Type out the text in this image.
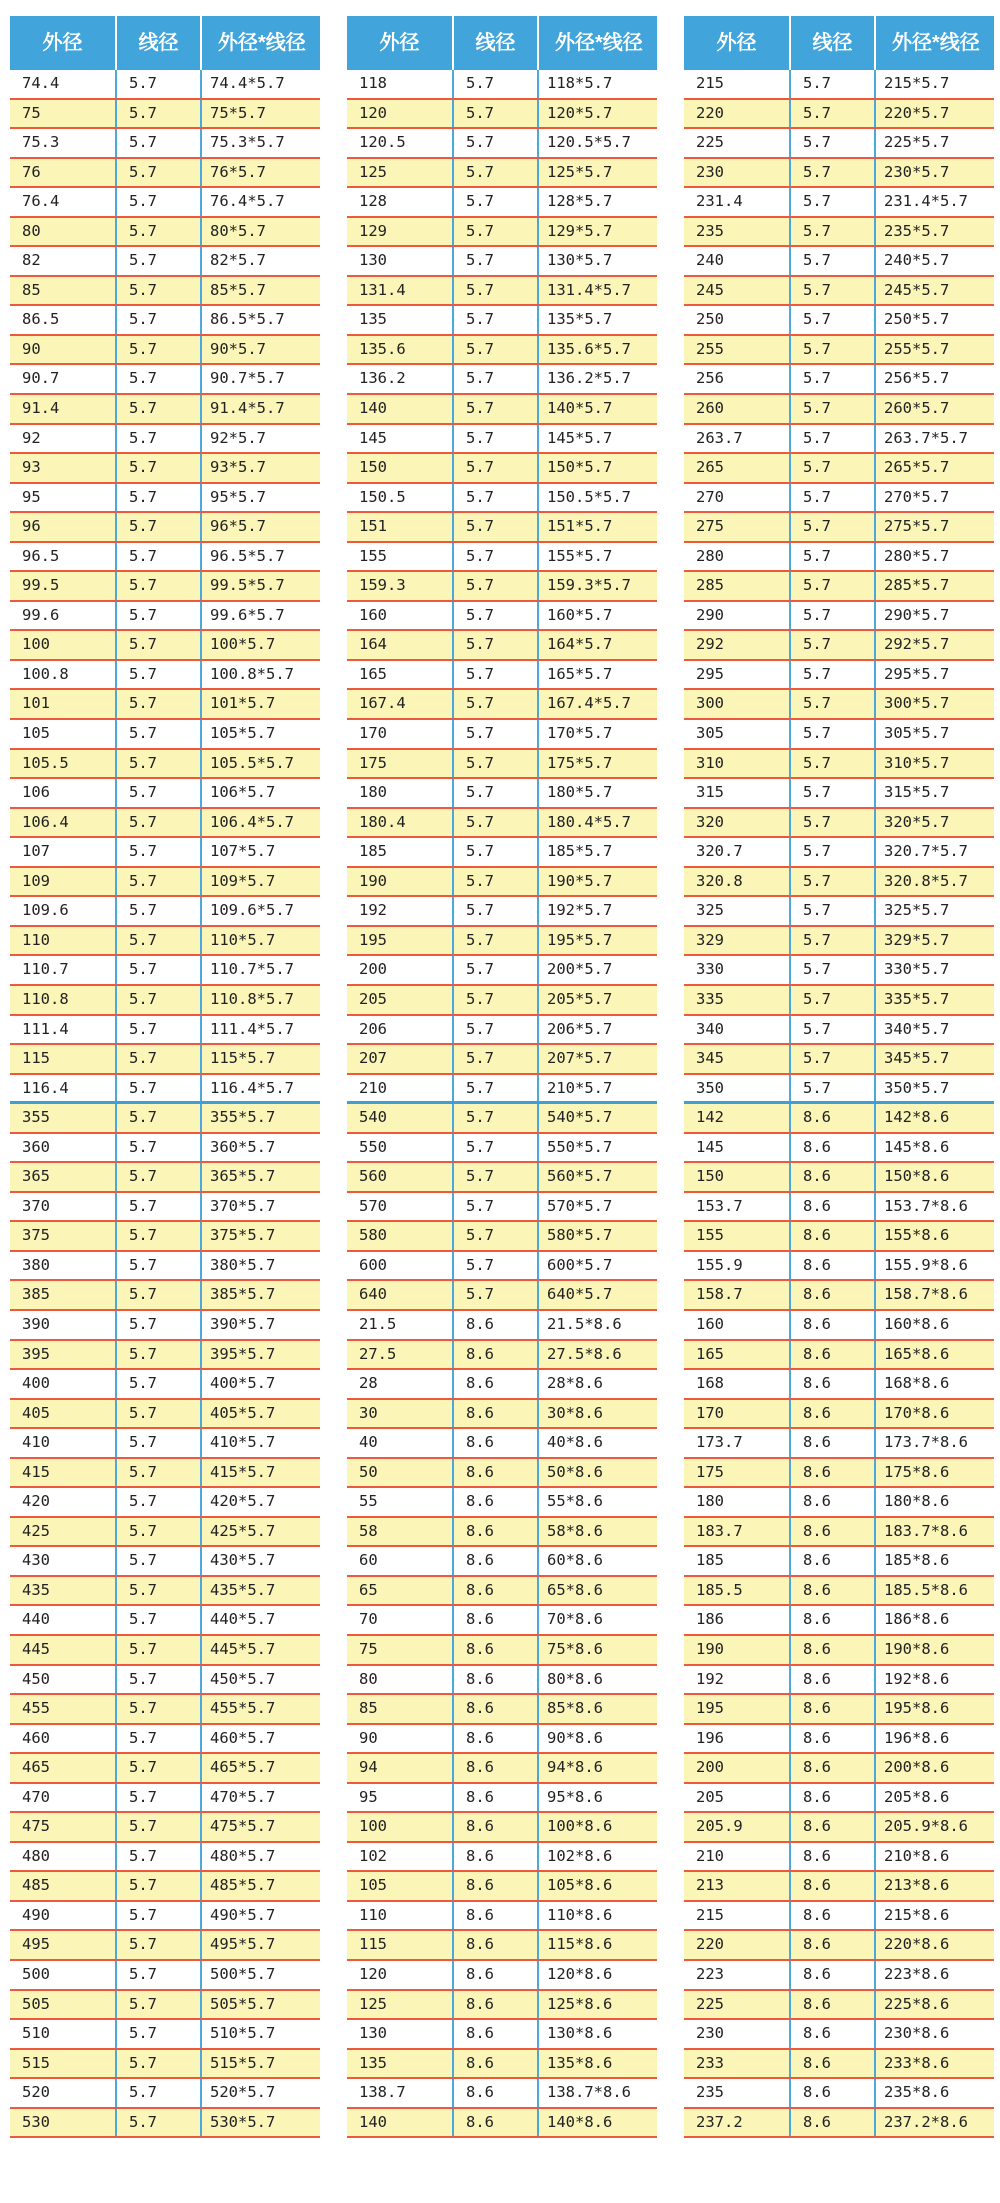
外径	线径	外径*线径
74.4	5.7	74.4*5.7
75	5.7	75*5.7
75.3	5.7	75.3*5.7
76	5.7	76*5.7
76.4	5.7	76.4*5.7
80	5.7	80*5.7
82	5.7	82*5.7
85	5.7	85*5.7
86.5	5.7	86.5*5.7
90	5.7	90*5.7
90.7	5.7	90.7*5.7
91.4	5.7	91.4*5.7
92	5.7	92*5.7
93	5.7	93*5.7
95	5.7	95*5.7
96	5.7	96*5.7
96.5	5.7	96.5*5.7
99.5	5.7	99.5*5.7
99.6	5.7	99.6*5.7
100	5.7	100*5.7
100.8	5.7	100.8*5.7
101	5.7	101*5.7
105	5.7	105*5.7
105.5	5.7	105.5*5.7
106	5.7	106*5.7
106.4	5.7	106.4*5.7
107	5.7	107*5.7
109	5.7	109*5.7
109.6	5.7	109.6*5.7
110	5.7	110*5.7
110.7	5.7	110.7*5.7
110.8	5.7	110.8*5.7
111.4	5.7	111.4*5.7
115	5.7	115*5.7
116.4	5.7	116.4*5.7
355	5.7	355*5.7
360	5.7	360*5.7
365	5.7	365*5.7
370	5.7	370*5.7
375	5.7	375*5.7
380	5.7	380*5.7
385	5.7	385*5.7
390	5.7	390*5.7
395	5.7	395*5.7
400	5.7	400*5.7
405	5.7	405*5.7
410	5.7	410*5.7
415	5.7	415*5.7
420	5.7	420*5.7
425	5.7	425*5.7
430	5.7	430*5.7
435	5.7	435*5.7
440	5.7	440*5.7
445	5.7	445*5.7
450	5.7	450*5.7
455	5.7	455*5.7
460	5.7	460*5.7
465	5.7	465*5.7
470	5.7	470*5.7
475	5.7	475*5.7
480	5.7	480*5.7
485	5.7	485*5.7
490	5.7	490*5.7
495	5.7	495*5.7
500	5.7	500*5.7
505	5.7	505*5.7
510	5.7	510*5.7
515	5.7	515*5.7
520	5.7	520*5.7
530	5.7	530*5.7
外径	线径	外径*线径
118	5.7	118*5.7
120	5.7	120*5.7
120.5	5.7	120.5*5.7
125	5.7	125*5.7
128	5.7	128*5.7
129	5.7	129*5.7
130	5.7	130*5.7
131.4	5.7	131.4*5.7
135	5.7	135*5.7
135.6	5.7	135.6*5.7
136.2	5.7	136.2*5.7
140	5.7	140*5.7
145	5.7	145*5.7
150	5.7	150*5.7
150.5	5.7	150.5*5.7
151	5.7	151*5.7
155	5.7	155*5.7
159.3	5.7	159.3*5.7
160	5.7	160*5.7
164	5.7	164*5.7
165	5.7	165*5.7
167.4	5.7	167.4*5.7
170	5.7	170*5.7
175	5.7	175*5.7
180	5.7	180*5.7
180.4	5.7	180.4*5.7
185	5.7	185*5.7
190	5.7	190*5.7
192	5.7	192*5.7
195	5.7	195*5.7
200	5.7	200*5.7
205	5.7	205*5.7
206	5.7	206*5.7
207	5.7	207*5.7
210	5.7	210*5.7
540	5.7	540*5.7
550	5.7	550*5.7
560	5.7	560*5.7
570	5.7	570*5.7
580	5.7	580*5.7
600	5.7	600*5.7
640	5.7	640*5.7
21.5	8.6	21.5*8.6
27.5	8.6	27.5*8.6
28	8.6	28*8.6
30	8.6	30*8.6
40	8.6	40*8.6
50	8.6	50*8.6
55	8.6	55*8.6
58	8.6	58*8.6
60	8.6	60*8.6
65	8.6	65*8.6
70	8.6	70*8.6
75	8.6	75*8.6
80	8.6	80*8.6
85	8.6	85*8.6
90	8.6	90*8.6
94	8.6	94*8.6
95	8.6	95*8.6
100	8.6	100*8.6
102	8.6	102*8.6
105	8.6	105*8.6
110	8.6	110*8.6
115	8.6	115*8.6
120	8.6	120*8.6
125	8.6	125*8.6
130	8.6	130*8.6
135	8.6	135*8.6
138.7	8.6	138.7*8.6
140	8.6	140*8.6
外径	线径	外径*线径
215	5.7	215*5.7
220	5.7	220*5.7
225	5.7	225*5.7
230	5.7	230*5.7
231.4	5.7	231.4*5.7
235	5.7	235*5.7
240	5.7	240*5.7
245	5.7	245*5.7
250	5.7	250*5.7
255	5.7	255*5.7
256	5.7	256*5.7
260	5.7	260*5.7
263.7	5.7	263.7*5.7
265	5.7	265*5.7
270	5.7	270*5.7
275	5.7	275*5.7
280	5.7	280*5.7
285	5.7	285*5.7
290	5.7	290*5.7
292	5.7	292*5.7
295	5.7	295*5.7
300	5.7	300*5.7
305	5.7	305*5.7
310	5.7	310*5.7
315	5.7	315*5.7
320	5.7	320*5.7
320.7	5.7	320.7*5.7
320.8	5.7	320.8*5.7
325	5.7	325*5.7
329	5.7	329*5.7
330	5.7	330*5.7
335	5.7	335*5.7
340	5.7	340*5.7
345	5.7	345*5.7
350	5.7	350*5.7
142	8.6	142*8.6
145	8.6	145*8.6
150	8.6	150*8.6
153.7	8.6	153.7*8.6
155	8.6	155*8.6
155.9	8.6	155.9*8.6
158.7	8.6	158.7*8.6
160	8.6	160*8.6
165	8.6	165*8.6
168	8.6	168*8.6
170	8.6	170*8.6
173.7	8.6	173.7*8.6
175	8.6	175*8.6
180	8.6	180*8.6
183.7	8.6	183.7*8.6
185	8.6	185*8.6
185.5	8.6	185.5*8.6
186	8.6	186*8.6
190	8.6	190*8.6
192	8.6	192*8.6
195	8.6	195*8.6
196	8.6	196*8.6
200	8.6	200*8.6
205	8.6	205*8.6
205.9	8.6	205.9*8.6
210	8.6	210*8.6
213	8.6	213*8.6
215	8.6	215*8.6
220	8.6	220*8.6
223	8.6	223*8.6
225	8.6	225*8.6
230	8.6	230*8.6
233	8.6	233*8.6
235	8.6	235*8.6
237.2	8.6	237.2*8.6
